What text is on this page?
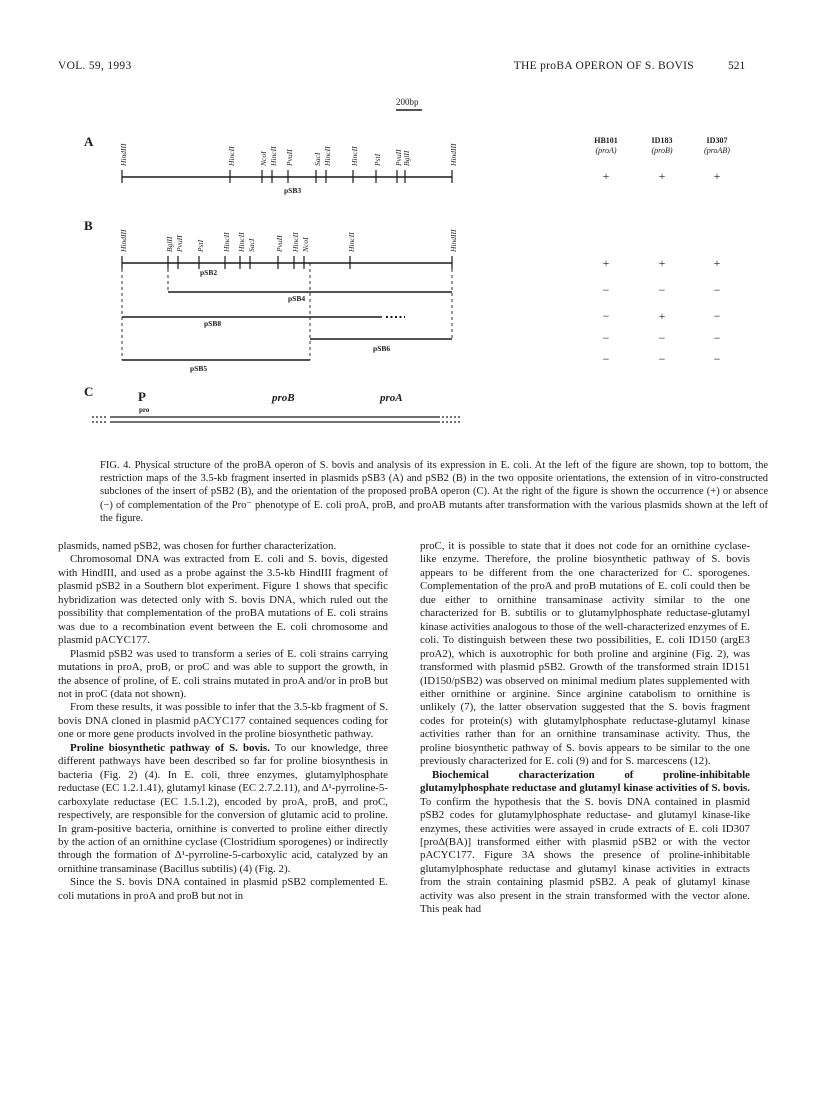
VOL. 59, 1993	THE proBA OPERON OF S. BOVIS	521
200bp
A
B
C
HB101
(proA)
ID183
(proB)
ID307
(proAB)
HindIII	HincII	NcoI HincII PvuII	SacI HincII HincII PstI PvuII BglII	HindIII
pSB3
+	+	+
HindIII	BglII PvuII PstI HincII HincII SacI	PvuII HincII NcoI	HincII	HindIII
pSB2
pSB4
pSB8
pSB6
pSB5
+	+	+
−	−	−
−	+	−
−	−	−
−	−	−
P
pro
proB	proA
FIG. 4. Physical structure of the proBA operon of S. bovis and analysis of its expression in E. coli. At the left of the figure are shown, top to bottom, the restriction maps of the 3.5-kb fragment inserted in plasmids pSB3 (A) and pSB2 (B) in the two opposite orientations, the extension of in vitro-constructed subclones of the insert of pSB2 (B), and the orientation of the proposed proBA operon (C). At the right of the figure is shown the occurrence (+) or absence (−) of complementation of the Pro⁻ phenotype of E. coli proA, proB, and proAB mutants after transformation with the various plasmids shown at the left of the figure.

plasmids, named pSB2, was chosen for further characterization.

Chromosomal DNA was extracted from E. coli and S. bovis, digested with HindIII, and used as a probe against the 3.5-kb HindIII fragment of plasmid pSB2 in a Southern blot experiment. Figure 1 shows that specific hybridization was detected only with S. bovis DNA, which ruled out the possibility that complementation of the proBA mutations of E. coli strains was due to a recombination event between the E. coli chromosome and plasmid pACYC177.

Plasmid pSB2 was used to transform a series of E. coli strains carrying mutations in proA, proB, or proC and was able to support the growth, in the absence of proline, of E. coli strains mutated in proA and/or in proB but not in proC (data not shown).

From these results, it was possible to infer that the 3.5-kb fragment of S. bovis DNA cloned in plasmid pACYC177 contained sequences coding for one or more gene products involved in the proline biosynthetic pathway.

Proline biosynthetic pathway of S. bovis. To our knowledge, three different pathways have been described so far for proline biosynthesis in bacteria (Fig. 2) (4). In E. coli, three enzymes, glutamylphosphate reductase (EC 1.2.1.41), glutamyl kinase (EC 2.7.2.11), and Δ¹-pyrroline-5-carboxylate reductase (EC 1.5.1.2), encoded by proA, proB, and proC, respectively, are responsible for the conversion of glutamic acid to proline. In gram-positive bacteria, ornithine is converted to proline either directly by the action of an ornithine cyclase (Clostridium sporogenes) or indirectly through the formation of Δ¹-pyrroline-5-carboxylic acid, catalyzed by an ornithine transaminase (Bacillus subtilis) (4) (Fig. 2).

Since the S. bovis DNA contained in plasmid pSB2 complemented E. coli mutations in proA and proB but not in

proC, it is possible to state that it does not code for an ornithine cyclase-like enzyme. Therefore, the proline biosynthetic pathway of S. bovis appears to be different from the one characterized for C. sporogenes. Complementation of the proA and proB mutations of E. coli could then be due either to ornithine transaminase activity similar to the one characterized for B. subtilis or to glutamylphosphate reductase-glutamyl kinase activities analogous to those of the well-characterized enzymes of E. coli. To distinguish between these two possibilities, E. coli ID150 (argE3 proA2), which is auxotrophic for both proline and arginine (Fig. 2), was transformed with plasmid pSB2. Growth of the transformed strain ID151 (ID150/pSB2) was observed on minimal medium plates supplemented with either ornithine or arginine. Since arginine catabolism to ornithine is unlikely (7), the latter observation suggested that the S. bovis fragment codes for protein(s) with glutamylphosphate reductase-glutamyl kinase activities rather than for an ornithine transaminase activity. Thus, the proline biosynthetic pathway of S. bovis appears to be similar to the one previously characterized for E. coli (9) and for S. marcescens (12).

Biochemical characterization of proline-inhibitable glutamylphosphate reductase and glutamyl kinase activities of S. bovis. To confirm the hypothesis that the S. bovis DNA contained in plasmid pSB2 codes for glutamylphosphate reductase- and glutamyl kinase-like enzymes, these activities were assayed in crude extracts of E. coli ID307 [proΔ(BA)] transformed either with plasmid pSB2 or with the vector pACYC177. Figure 3A shows the presence of proline-inhibitable glutamylphosphate reductase and glutamyl kinase activities in extracts from the strain containing plasmid pSB2. A peak of glutamyl kinase activity was also present in the strain transformed with the vector alone. This peak had
